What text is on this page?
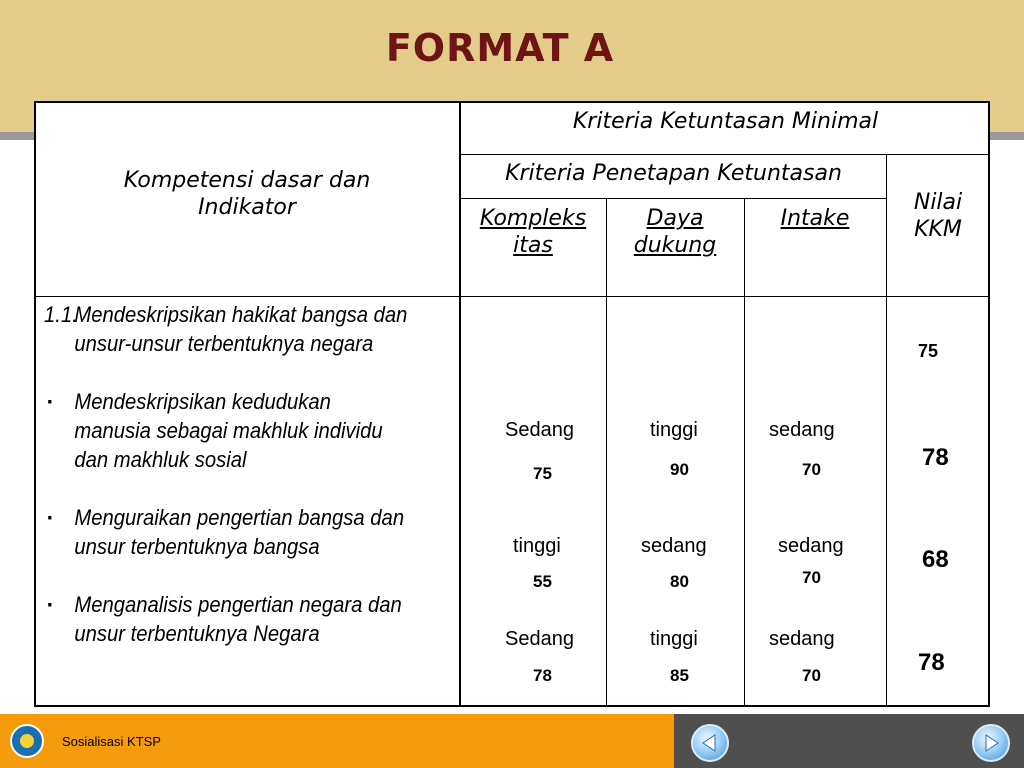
FORMAT A
Kompetensi dasar dan Indikator
Kriteria Ketuntasan Minimal
Kriteria Penetapan Ketuntasan
Kompleks itas
Daya dukung
Intake
Nilai KKM

1.1.
Mendeskripsikan hakikat bangsa dan unsur-unsur terbentuknya negara

▪ Mendeskripsikan kedudukan manusia sebagai makhluk individu dan makhluk sosial

▪ Menguraikan pengertian bangsa dan unsur terbentuknya bangsa

▪ Menganalisis pengertian negara dan unsur terbentuknya Negara

75
Sedang
75
tinggi
90
sedang
70	78
tinggi
55
sedang
80
sedang
70
68
Sedang
78
tinggi
85
sedang
70	78
Sosialisasi KTSP
